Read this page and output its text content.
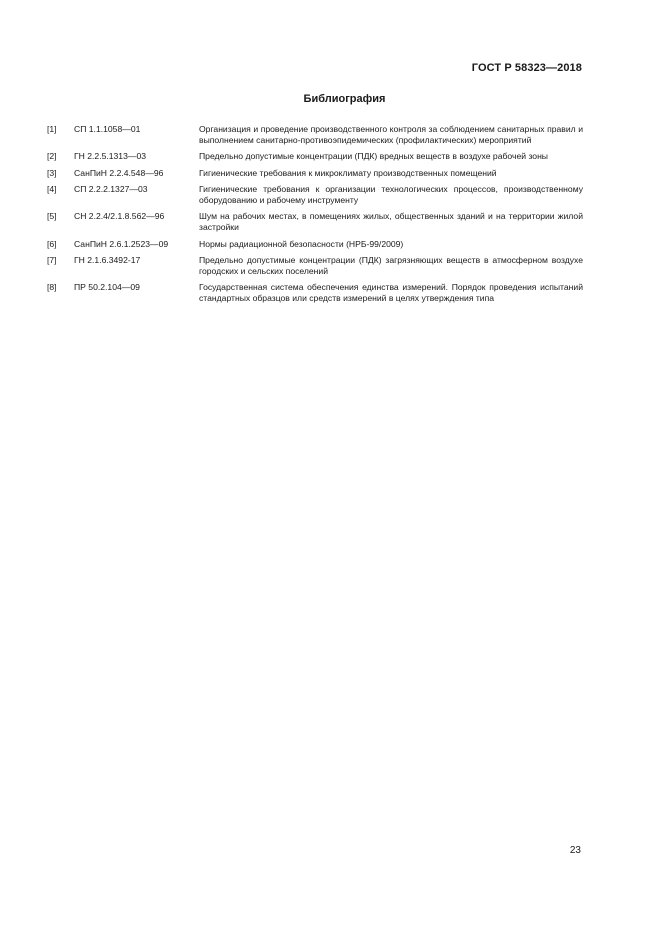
ГОСТ Р 58323—2018
Библиография
[1]	СП 1.1.1058—01	Организация и проведение производственного контроля за соблюдением санитарных правил и выполнением санитарно-противоэпидемических (профилактических) мероприятий
[2]	ГН 2.2.5.1313—03	Предельно допустимые концентрации (ПДК) вредных веществ в воздухе рабочей зоны
[3]	СанПиН 2.2.4.548—96	Гигиенические требования к микроклимату производственных помещений
[4]	СП 2.2.2.1327—03	Гигиенические требования к организации технологических процессов, производственному оборудованию и рабочему инструменту
[5]	СН 2.2.4/2.1.8.562—96	Шум на рабочих местах, в помещениях жилых, общественных зданий и на территории жилой застройки
[6]	СанПиН 2.6.1.2523—09	Нормы радиационной безопасности (НРБ-99/2009)
[7]	ГН 2.1.6.3492-17	Предельно допустимые концентрации (ПДК) загрязняющих веществ в атмосферном воздухе городских и сельских поселений
[8]	ПР 50.2.104—09	Государственная система обеспечения единства измерений. Порядок проведения испытаний стандартных образцов или средств измерений в целях утверждения типа
23
